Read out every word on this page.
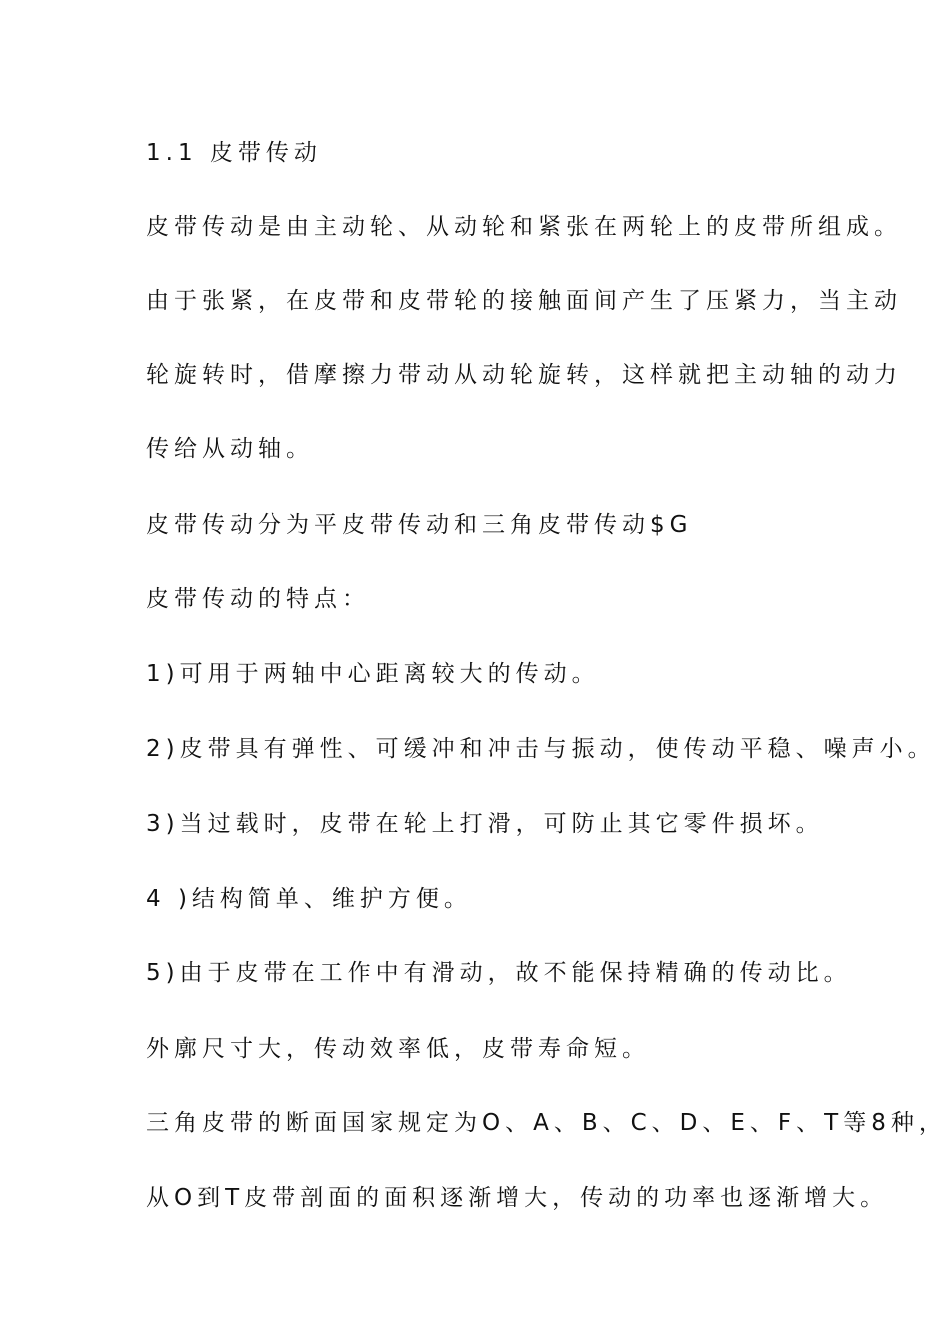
1.1 皮带传动
皮带传动是由主动轮、从动轮和紧张在两轮上的皮带所组成。
由于张紧，在皮带和皮带轮的接触面间产生了压紧力，当主动
轮旋转时，借摩擦力带动从动轮旋转，这样就把主动轴的动力
传给从动轴。
皮带传动分为平皮带传动和三角皮带传动$G
皮带传动的特点：
1)可用于两轴中心距离较大的传动。
2)皮带具有弹性、可缓冲和冲击与振动，使传动平稳、噪声小。
3)当过载时，皮带在轮上打滑，可防止其它零件损坏。
4 )结构简单、维护方便。
5)由于皮带在工作中有滑动，故不能保持精确的传动比。
外廓尺寸大，传动效率低，皮带寿命短。
三角皮带的断面国家规定为O、A、B、C、D、E、F、T等8种，
从O到T皮带剖面的面积逐渐增大，传动的功率也逐渐增大。
